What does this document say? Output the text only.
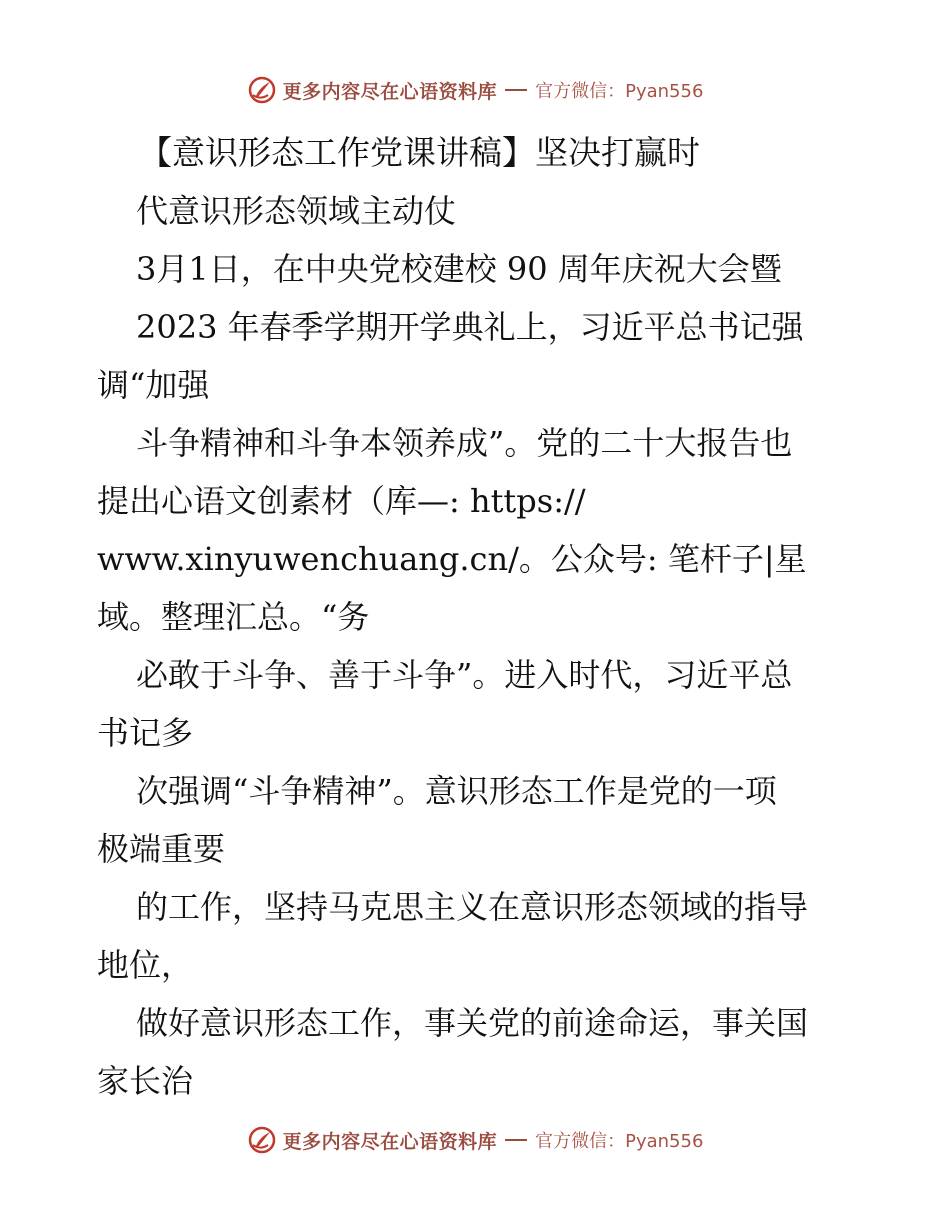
更多内容尽在心语资料库 官方微信：Pyan556
【意识形态工作党课讲稿】坚决打赢时
代意识形态领域主动仗
3月1日，在中央党校建校 90 周年庆祝大会暨
2023 年春季学期开学典礼上，习近平总书记强
调“加强
斗争精神和斗争本领养成”。党的二十大报告也
提出心语文创素材（库—: https://
www.xinyuwenchuang.cn/。公众号: 笔杆子|星
域。整理汇总。“务
必敢于斗争、善于斗争”。进入时代，习近平总
书记多
次强调“斗争精神”。意识形态工作是党的一项
极端重要
的工作，坚持马克思主义在意识形态领域的指导
地位，
做好意识形态工作，事关党的前途命运，事关国
家长治
更多内容尽在心语资料库 官方微信：Pyan556
